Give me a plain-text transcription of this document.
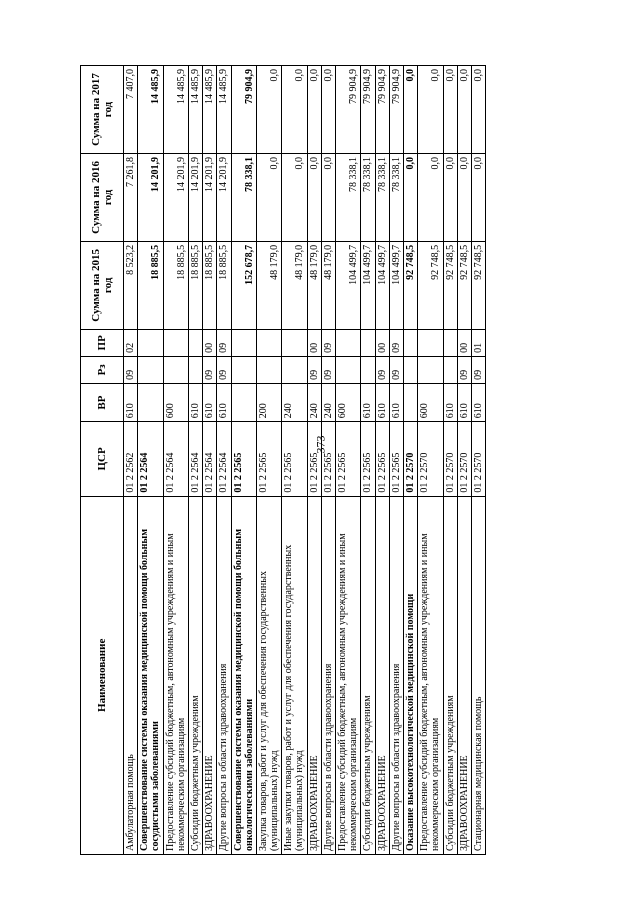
373
Наименование	ЦСР	ВР	Рз	ПР	Сумма на 2015 год	Сумма на 2016 год	Сумма на 2017 год
Амбулаторная помощь	01 2 2562	610	09	02	8 523,2	7 261,8	7 407,0
Совершенствование системы оказания медицинской помощи больным сосудистыми заболеваниями	01 2 2564				18 885,5	14 201,9	14 485,9
Предоставление субсидий бюджетным, автономным учреждениям и иным некоммерческим организациям	01 2 2564	600			18 885,5	14 201,9	14 485,9
Субсидии бюджетным учреждениям	01 2 2564	610			18 885,5	14 201,9	14 485,9
ЗДРАВООХРАНЕНИЕ	01 2 2564	610	09	00	18 885,5	14 201,9	14 485,9
Другие вопросы в области здравоохранения	01 2 2564	610	09	09	18 885,5	14 201,9	14 485,9
Совершенствование системы оказания медицинской помощи больным онкологическими заболеваниями	01 2 2565				152 678,7	78 338,1	79 904,9
Закупка товаров, работ и услуг для обеспечения государственных (муниципальных) нужд	01 2 2565	200			48 179,0	0,0	0,0
Иные закупки товаров, работ и услуг для обеспечения государственных (муниципальных) нужд	01 2 2565	240			48 179,0	0,0	0,0
ЗДРАВООХРАНЕНИЕ	01 2 2565	240	09	00	48 179,0	0,0	0,0
Другие вопросы в области здравоохранения	01 2 2565	240	09	09	48 179,0	0,0	0,0
Предоставление субсидий бюджетным, автономным учреждениям и иным некоммерческим организациям	01 2 2565	600			104 499,7	78 338,1	79 904,9
Субсидии бюджетным учреждениям	01 2 2565	610			104 499,7	78 338,1	79 904,9
ЗДРАВООХРАНЕНИЕ	01 2 2565	610	09	00	104 499,7	78 338,1	79 904,9
Другие вопросы в области здравоохранения	01 2 2565	610	09	09	104 499,7	78 338,1	79 904,9
Оказание высокотехнологической медицинской помощи	01 2 2570				92 748,5	0,0	0,0
Предоставление субсидий бюджетным, автономным учреждениям и иным некоммерческим организациям	01 2 2570	600			92 748,5	0,0	0,0
Субсидии бюджетным учреждениям	01 2 2570	610			92 748,5	0,0	0,0
ЗДРАВООХРАНЕНИЕ	01 2 2570	610	09	00	92 748,5	0,0	0,0
Стационарная медицинская помощь	01 2 2570	610	09	01	92 748,5	0,0	0,0
